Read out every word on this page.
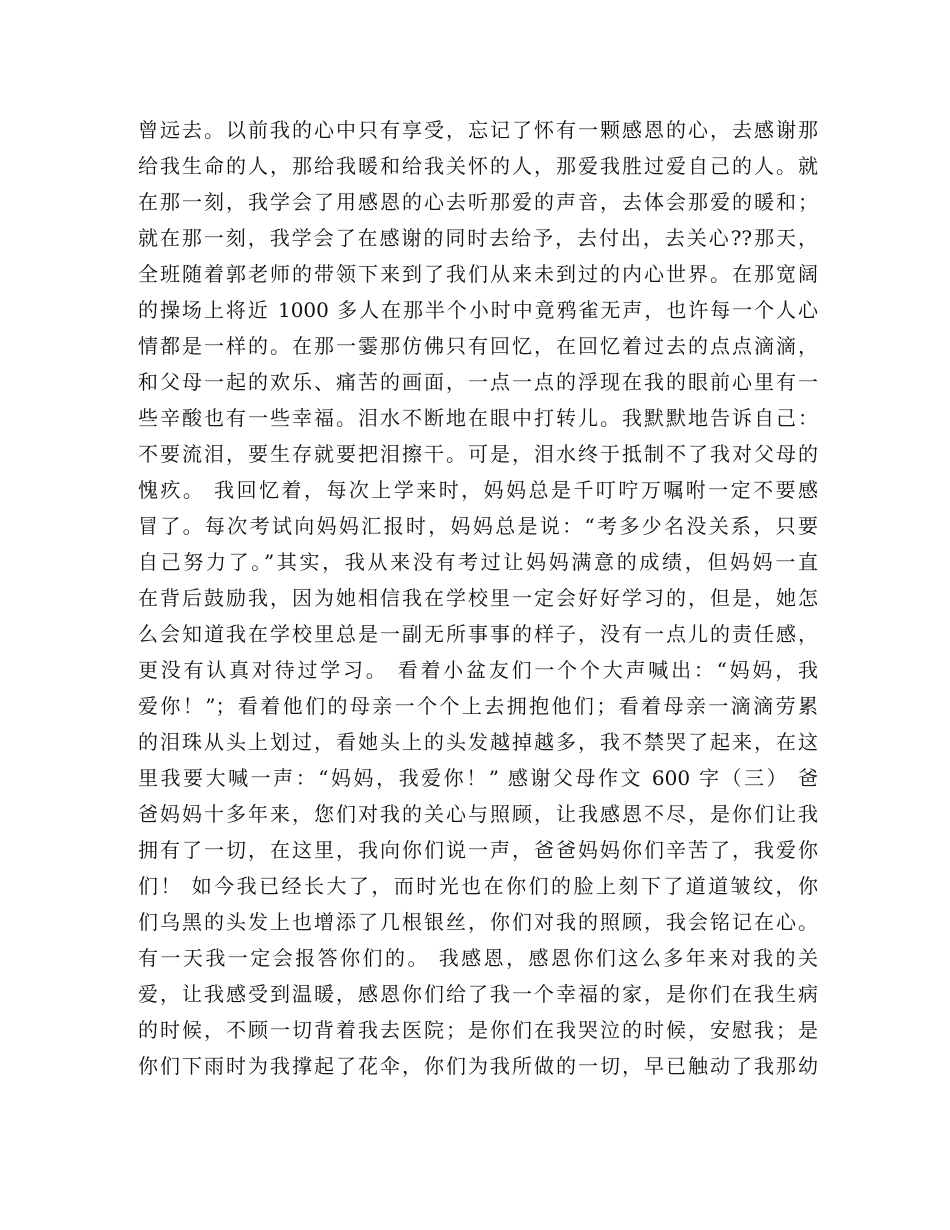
曾远去。以前我的心中只有享受，忘记了怀有一颗感恩的心，去感谢那
给我生命的人，那给我暖和给我关怀的人，那爱我胜过爱自己的人。就
在那一刻，我学会了用感恩的心去听那爱的声音，去体会那爱的暖和；
就在那一刻，我学会了在感谢的同时去给予，去付出，去关心??那天，
全班随着郭老师的带领下来到了我们从来未到过的内心世界。在那宽阔
的操场上将近 1000 多人在那半个小时中竟鸦雀无声，也许每一个人心
情都是一样的。在那一霎那仿佛只有回忆，在回忆着过去的点点滴滴，
和父母一起的欢乐、痛苦的画面，一点一点的浮现在我的眼前心里有一
些辛酸也有一些幸福。泪水不断地在眼中打转儿。我默默地告诉自己：
不要流泪，要生存就要把泪擦干。可是，泪水终于抵制不了我对父母的
愧疚。 我回忆着，每次上学来时，妈妈总是千叮咛万嘱咐一定不要感
冒了。每次考试向妈妈汇报时，妈妈总是说：“考多少名没关系，只要
自己努力了。”其实，我从来没有考过让妈妈满意的成绩，但妈妈一直
在背后鼓励我，因为她相信我在学校里一定会好好学习的，但是，她怎
么会知道我在学校里总是一副无所事事的样子，没有一点儿的责任感，
更没有认真对待过学习。 看着小盆友们一个个大声喊出：“妈妈，我
爱你！”；看着他们的母亲一个个上去拥抱他们；看着母亲一滴滴劳累
的泪珠从头上划过，看她头上的头发越掉越多，我不禁哭了起来，在这
里我要大喊一声：“妈妈，我爱你！” 感谢父母作文 600 字（三） 爸
爸妈妈十多年来，您们对我的关心与照顾，让我感恩不尽，是你们让我
拥有了一切，在这里，我向你们说一声，爸爸妈妈你们辛苦了，我爱你
们！ 如今我已经长大了，而时光也在你们的脸上刻下了道道皱纹，你
们乌黑的头发上也增添了几根银丝，你们对我的照顾，我会铭记在心。
有一天我一定会报答你们的。 我感恩，感恩你们这么多年来对我的关
爱，让我感受到温暖，感恩你们给了我一个幸福的家，是你们在我生病
的时候，不顾一切背着我去医院；是你们在我哭泣的时候，安慰我；是
你们下雨时为我撑起了花伞，你们为我所做的一切，早已触动了我那幼
